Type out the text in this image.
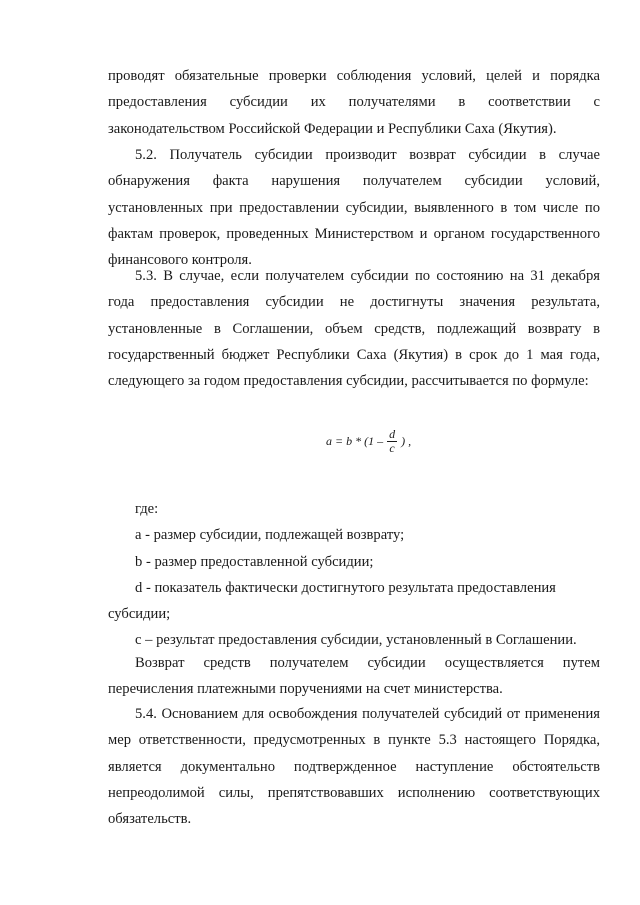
проводят обязательные проверки соблюдения условий, целей и порядка
предоставления субсидии их получателями в соответствии с
законодательством Российской Федерации и Республики Саха (Якутия).
5.2. Получатель субсидии производит возврат субсидии в случае
обнаружения факта нарушения получателем субсидии условий,
установленных при предоставлении субсидии, выявленного в том числе по
фактам проверок, проведенных Министерством и органом государственного
финансового контроля.
5.3. В случае, если получателем субсидии по состоянию на 31 декабря
года предоставления субсидии не достигнуты значения результата,
установленные в Соглашении, объем средств, подлежащий возврату в
государственный бюджет Республики Саха (Якутия) в срок до 1 мая года,
следующего за годом предоставления субсидии, рассчитывается по формуле:
$a = b * (1 - \frac{d}{c}$ ) ,
где:
а - размер субсидии, подлежащей возврату;
b - размер предоставленной субсидии;
d - показатель фактически достигнутого результата предоставления
субсидии;
с – результат предоставления субсидии, установленный в Соглашении.
Возврат средств получателем субсидии осуществляется путем
перечисления платежными поручениями на счет министерства.
5.4. Основанием для освобождения получателей субсидий от применения
мер ответственности, предусмотренных в пункте 5.3 настоящего Порядка,
является документально подтвержденное наступление обстоятельств
непреодолимой силы, препятствовавших исполнению соответствующих
обязательств.
